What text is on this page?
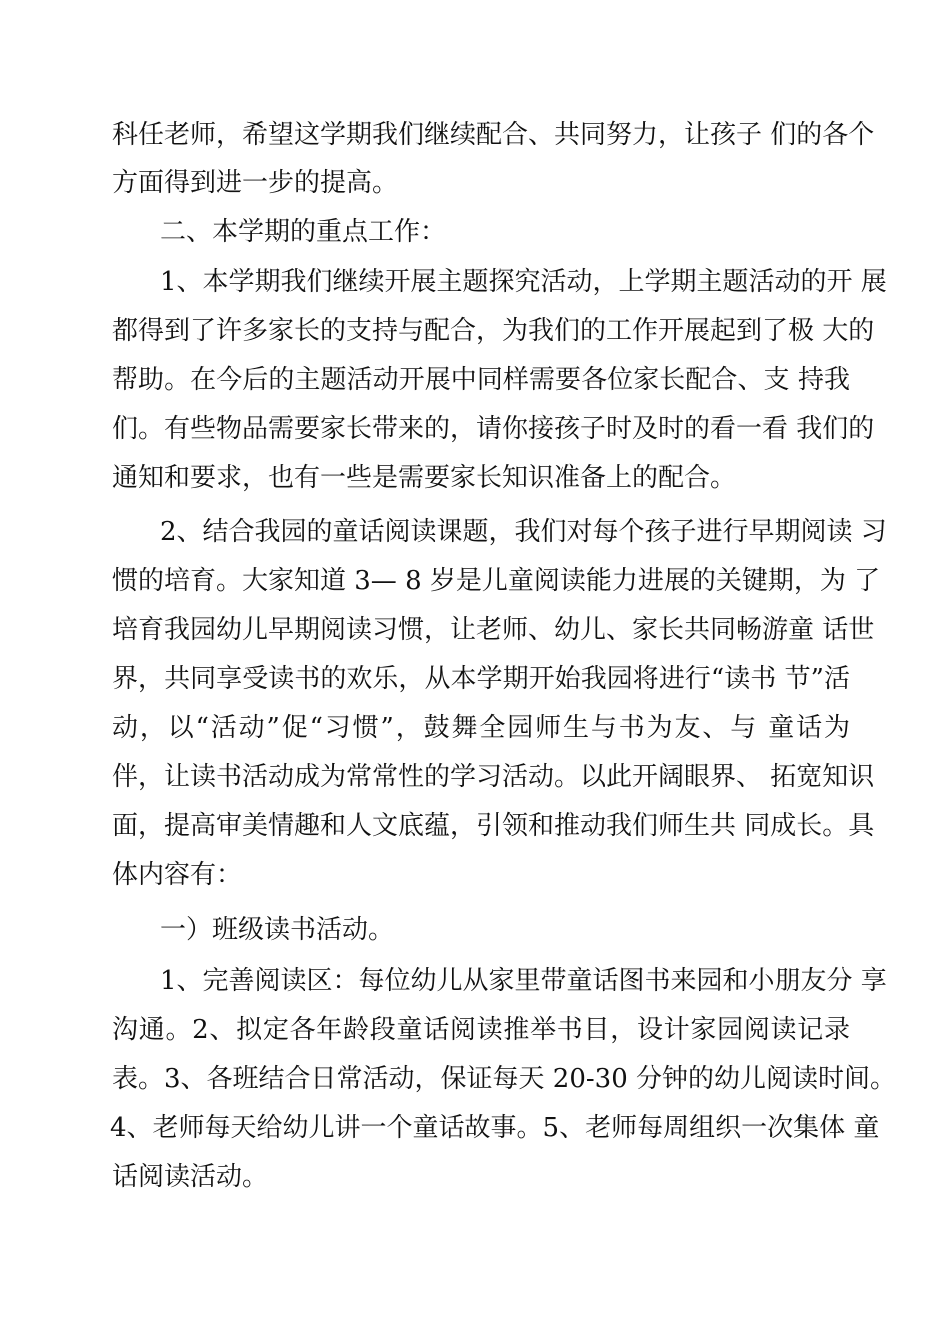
科任老师，希望这学期我们继续配合、共同努力，让孩子 们的各个
方面得到进一步的提高。
二、本学期的重点工作：
1、本学期我们继续开展主题探究活动，上学期主题活动的开 展
都得到了许多家长的支持与配合，为我们的工作开展起到了极 大的
帮助。在今后的主题活动开展中同样需要各位家长配合、支 持我
们。有些物品需要家长带来的，请你接孩子时及时的看一看 我们的
通知和要求，也有一些是需要家长知识准备上的配合。
2、结合我园的童话阅读课题，我们对每个孩子进行早期阅读 习
惯的培育。大家知道 3— 8 岁是儿童阅读能力进展的关键期，为 了
培育我园幼儿早期阅读习惯，让老师、幼儿、家长共同畅游童 话世
界，共同享受读书的欢乐，从本学期开始我园将进行“读书 节”活
动，以“活动”促“习惯”，鼓舞全园师生与书为友、与 童话为
伴，让读书活动成为常常性的学习活动。以此开阔眼界、 拓宽知识
面，提高审美情趣和人文底蕴，引领和推动我们师生共 同成长。具
体内容有：
一）班级读书活动。
1、完善阅读区：每位幼儿从家里带童话图书来园和小朋友分 享
沟通。2、拟定各年龄段童话阅读推举书目，设计家园阅读记录
表。3、各班结合日常活动，保证每天 20-30 分钟的幼儿阅读时间。
4、老师每天给幼儿讲一个童话故事。5、老师每周组织一次集体 童
话阅读活动。
